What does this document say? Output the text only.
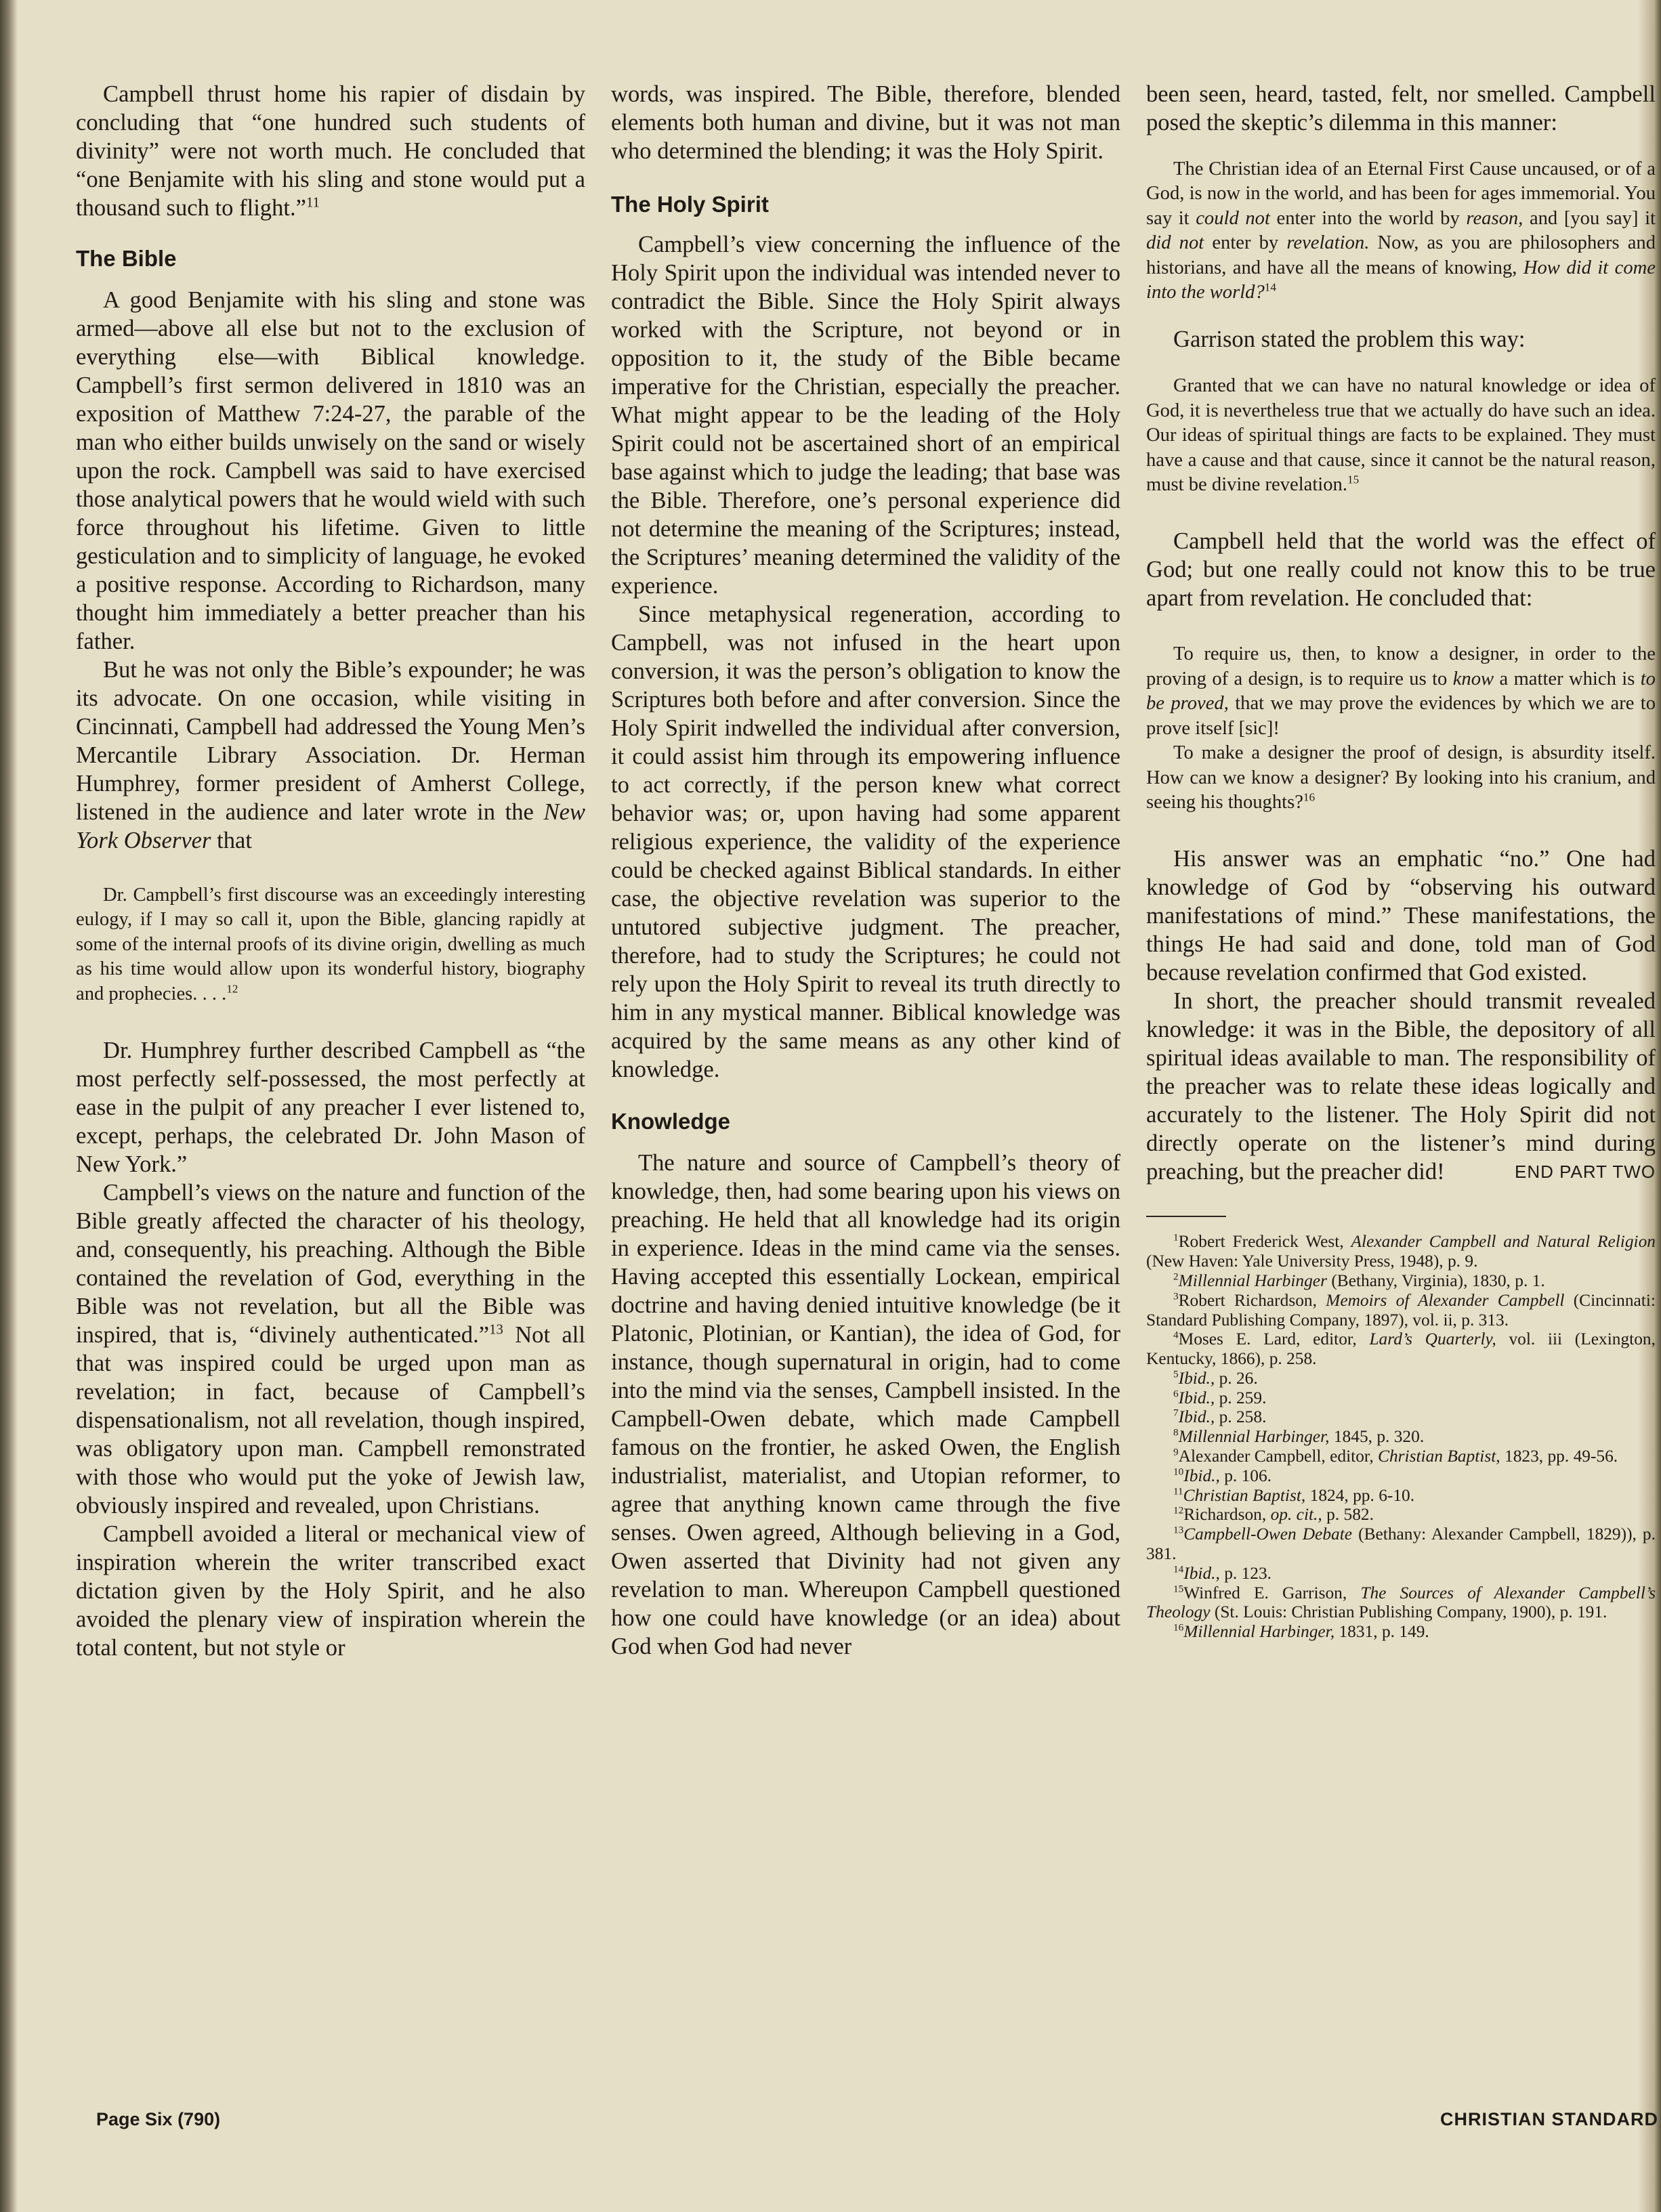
Campbell thrust home his rapier of disdain by concluding that “one hundred such students of divinity” were not worth much. He concluded that “one Benjamite with his sling and stone would put a thousand such to flight.”$^{11}$

The Bible

A good Benjamite with his sling and stone was armed—above all else but not to the exclusion of everything else—with Biblical knowledge. Campbell’s first sermon delivered in 1810 was an exposition of Matthew 7:24-27, the parable of the man who either builds unwisely on the sand or wisely upon the rock. Campbell was said to have exercised those analytical powers that he would wield with such force throughout his lifetime. Given to little gesticulation and to simplicity of language, he evoked a positive response. According to Richardson, many thought him immediately a better preacher than his father.

But he was not only the Bible’s expounder; he was its advocate. On one occasion, while visiting in Cincinnati, Campbell had addressed the Young Men’s Mercantile Library Association. Dr. Herman Humphrey, former president of Amherst College, listened in the audience and later wrote in the New York Observer that

Dr. Campbell’s first discourse was an exceedingly interesting eulogy, if I may so call it, upon the Bible, glancing rapidly at some of the internal proofs of its divine origin, dwelling as much as his time would allow upon its wonderful history, biography and prophecies. . . .$^{12}$

Dr. Humphrey further described Campbell as “the most perfectly self-possessed, the most perfectly at ease in the pulpit of any preacher I ever listened to, except, perhaps, the celebrated Dr. John Mason of New York.”

Campbell’s views on the nature and function of the Bible greatly affected the character of his theology, and, consequently, his preaching. Although the Bible contained the revelation of God, everything in the Bible was not revelation, but all the Bible was inspired, that is, “divinely authenticated.”$^{13}$ Not all that was inspired could be urged upon man as revelation; in fact, because of Campbell’s dispensationalism, not all revelation, though inspired, was obligatory upon man. Campbell remonstrated with those who would put the yoke of Jewish law, obviously inspired and revealed, upon Christians.

Campbell avoided a literal or mechanical view of inspiration wherein the writer transcribed exact dictation given by the Holy Spirit, and he also avoided the plenary view of inspiration wherein the total content, but not style or

words, was inspired. The Bible, therefore, blended elements both human and divine, but it was not man who determined the blending; it was the Holy Spirit.

The Holy Spirit

Campbell’s view concerning the influence of the Holy Spirit upon the individual was intended never to contradict the Bible. Since the Holy Spirit always worked with the Scripture, not beyond or in opposition to it, the study of the Bible became imperative for the Christian, especially the preacher. What might appear to be the leading of the Holy Spirit could not be ascertained short of an empirical base against which to judge the leading; that base was the Bible. Therefore, one’s personal experience did not determine the meaning of the Scriptures; instead, the Scriptures’ meaning determined the validity of the experience.

Since metaphysical regeneration, according to Campbell, was not infused in the heart upon conversion, it was the person’s obligation to know the Scriptures both before and after conversion. Since the Holy Spirit indwelled the individual after conversion, it could assist him through its empowering influence to act correctly, if the person knew what correct behavior was; or, upon having had some apparent religious experience, the validity of the experience could be checked against Biblical standards. In either case, the objective revelation was superior to the untutored subjective judgment. The preacher, therefore, had to study the Scriptures; he could not rely upon the Holy Spirit to reveal its truth directly to him in any mystical manner. Biblical knowledge was acquired by the same means as any other kind of knowledge.

Knowledge

The nature and source of Campbell’s theory of knowledge, then, had some bearing upon his views on preaching. He held that all knowledge had its origin in experience. Ideas in the mind came via the senses. Having accepted this essentially Lockean, empirical doctrine and having denied intuitive knowledge (be it Platonic, Plotinian, or Kantian), the idea of God, for instance, though supernatural in origin, had to come into the mind via the senses, Campbell insisted. In the Campbell-Owen debate, which made Campbell famous on the frontier, he asked Owen, the English industrialist, materialist, and Utopian reformer, to agree that anything known came through the five senses. Owen agreed, Although believing in a God, Owen asserted that Divinity had not given any revelation to man. Whereupon Campbell questioned how one could have knowledge (or an idea) about God when God had never

been seen, heard, tasted, felt, nor smelled. Campbell posed the skeptic’s dilemma in this manner:

The Christian idea of an Eternal First Cause uncaused, or of a God, is now in the world, and has been for ages immemorial. You say it could not enter into the world by reason, and [you say] it did not enter by revelation. Now, as you are philosophers and historians, and have all the means of knowing, How did it come into the world?$^{14}$

Garrison stated the problem this way:

Granted that we can have no natural knowledge or idea of God, it is nevertheless true that we actually do have such an idea. Our ideas of spiritual things are facts to be explained. They must have a cause and that cause, since it cannot be the natural reason, must be divine revelation.$^{15}$

Campbell held that the world was the effect of God; but one really could not know this to be true apart from revelation. He concluded that:

To require us, then, to know a designer, in order to the proving of a design, is to require us to know a matter which is to be proved, that we may prove the evidences by which we are to prove itself [sic]!

To make a designer the proof of design, is absurdity itself. How can we know a designer? By looking into his cranium, and seeing his thoughts?$^{16}$

His answer was an emphatic “no.” One had knowledge of God by “observing his outward manifestations of mind.” These manifestations, the things He had said and done, told man of God because revelation confirmed that God existed.

In short, the preacher should transmit revealed knowledge: it was in the Bible, the depository of all spiritual ideas available to man. The responsibility of the preacher was to relate these ideas logically and accurately to the listener. The Holy Spirit did not directly operate on the listener’s mind during preaching, but the preacher did!	END PART TWO

$^1$Robert Frederick West, Alexander Campbell and Natural Religion (New Haven: Yale University Press, 1948), p. 9.

$^2$Millennial Harbinger (Bethany, Virginia), 1830, p. 1.

$^3$Robert Richardson, Memoirs of Alexander Campbell (Cincinnati: Standard Publishing Company, 1897), vol. ii, p. 313.

$^4$Moses E. Lard, editor, Lard’s Quarterly, vol. iii (Lexington, Kentucky, 1866), p. 258.

$^5$Ibid., p. 26.

$^6$Ibid., p. 259.

$^7$Ibid., p. 258.

$^8$Millennial Harbinger, 1845, p. 320.

$^9$Alexander Campbell, editor, Christian Baptist, 1823, pp. 49-56.

$^{10}$Ibid., p. 106.

$^{11}$Christian Baptist, 1824, pp. 6-10.

$^{12}$Richardson, op. cit., p. 582.

$^{13}$Campbell-Owen Debate (Bethany: Alexander Campbell, 1829)), p. 381.

$^{14}$Ibid., p. 123.

$^{15}$Winfred E. Garrison, The Sources of Alexander Campbell’s Theology (St. Louis: Christian Publishing Company, 1900), p. 191.

$^{16}$Millennial Harbinger, 1831, p. 149.

Page Six (790)	CHRISTIAN STANDARD
